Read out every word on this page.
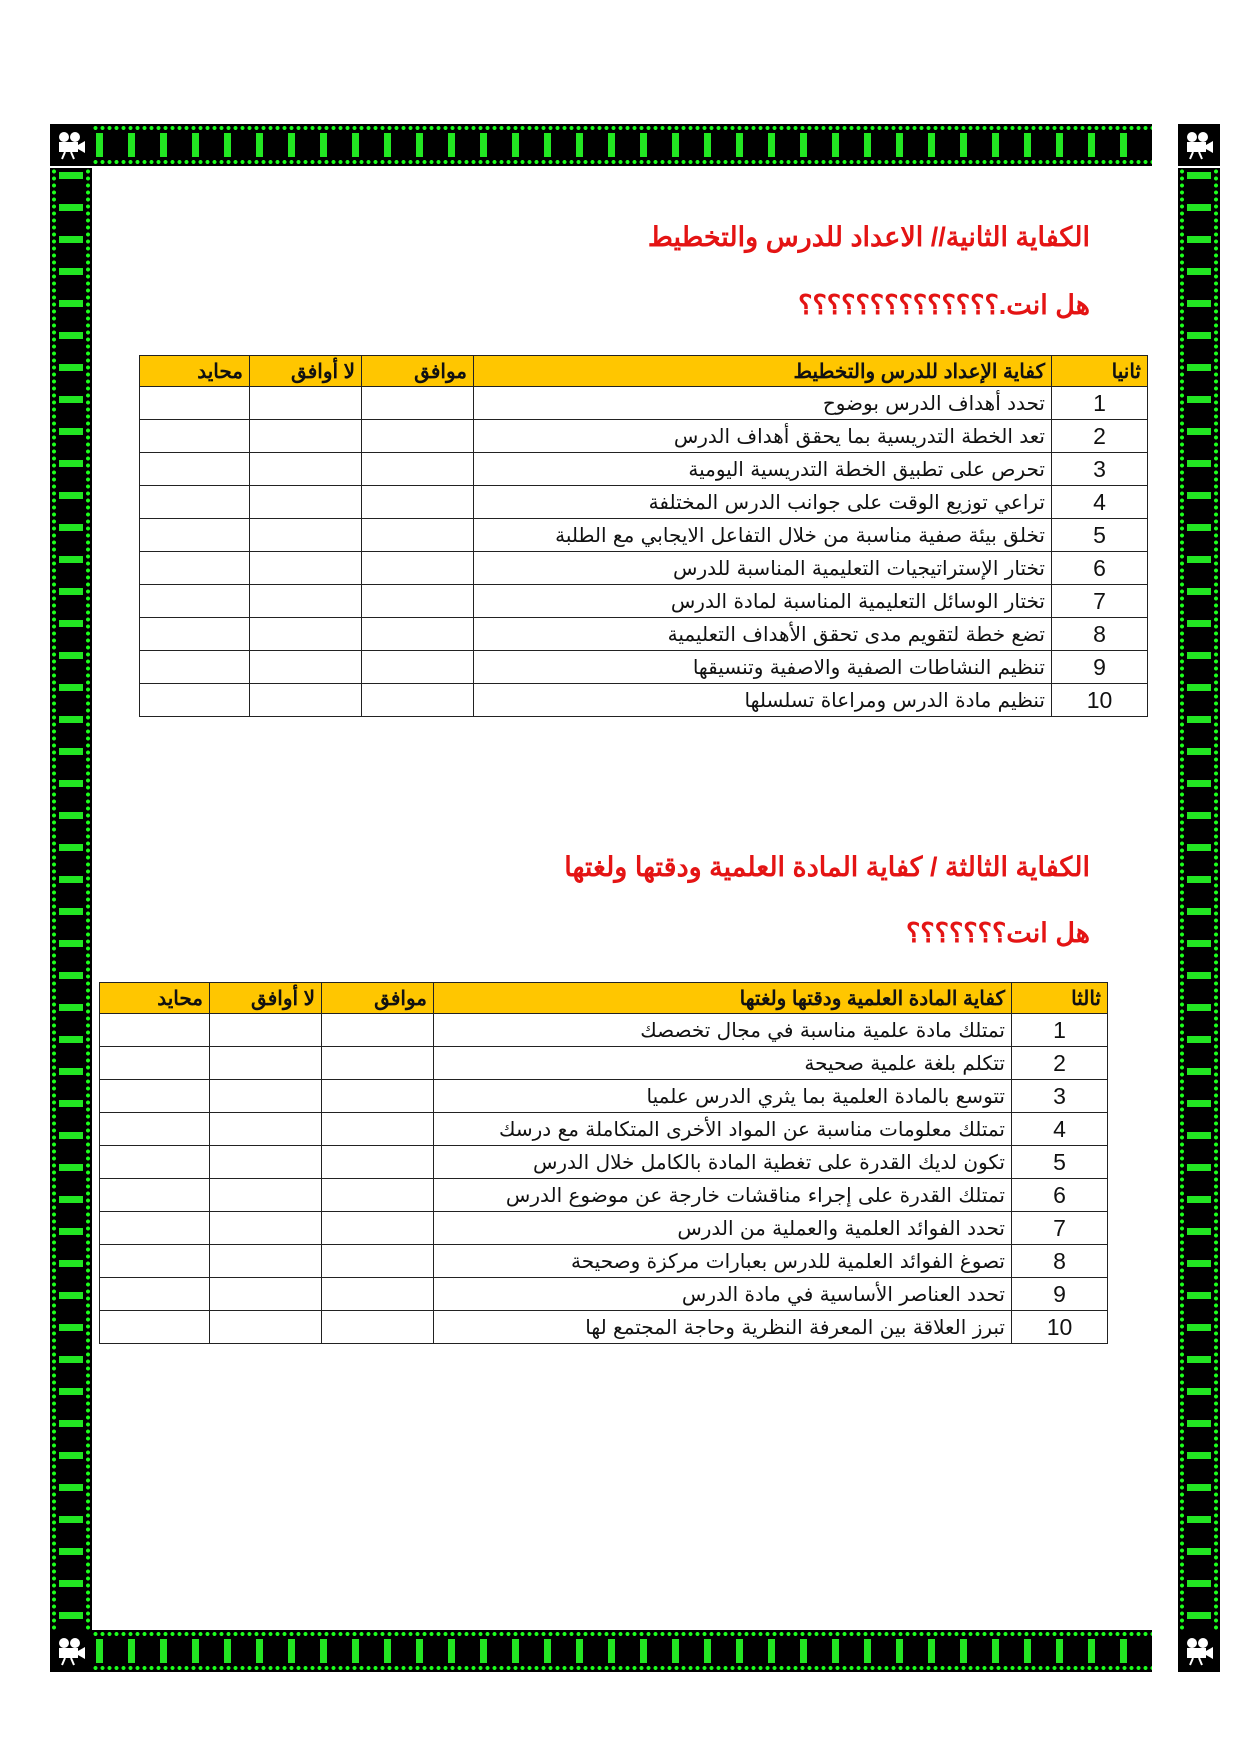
الكفاية الثانية// الاعداد للدرس والتخطيط
هل انت.؟؟؟؟؟؟؟؟؟؟؟؟؟؟
ثانيا	كفاية الإعداد للدرس والتخطيط	موافق	لا أوافق	محايد
1	تحدد أهداف الدرس بوضوح			
2	تعد الخطة التدريسية بما يحقق أهداف الدرس			
3	تحرص على تطبيق الخطة التدريسية اليومية			
4	تراعي توزيع الوقت على جوانب الدرس المختلفة			
5	تخلق بيئة صفية مناسبة من خلال التفاعل الايجابي مع الطلبة			
6	تختار الإستراتيجيات التعليمية المناسبة للدرس			
7	تختار الوسائل التعليمية المناسبة لمادة الدرس			
8	تضع خطة لتقويم مدى تحقق الأهداف التعليمية			
9	تنظيم النشاطات الصفية والاصفية وتنسيقها			
10	تنظيم مادة الدرس ومراعاة تسلسلها			
الكفاية الثالثة / كفاية المادة العلمية ودقتها ولغتها
هل انت؟؟؟؟؟؟؟
ثالثا	كفاية المادة العلمية ودقتها ولغتها	موافق	لا أوافق	محايد
1	تمتلك مادة علمية مناسبة في مجال تخصصك			
2	تتكلم بلغة علمية صحيحة			
3	تتوسع بالمادة العلمية بما يثري الدرس علميا			
4	تمتلك معلومات مناسبة عن المواد الأخرى المتكاملة مع درسك			
5	تكون لديك القدرة على تغطية المادة بالكامل خلال الدرس			
6	تمتلك القدرة على إجراء مناقشات خارجة عن موضوع الدرس			
7	تحدد الفوائد العلمية والعملية من الدرس			
8	تصوغ الفوائد العلمية للدرس بعبارات مركزة وصحيحة			
9	تحدد العناصر الأساسية في مادة الدرس			
10	تبرز العلاقة بين المعرفة النظرية وحاجة المجتمع لها			
